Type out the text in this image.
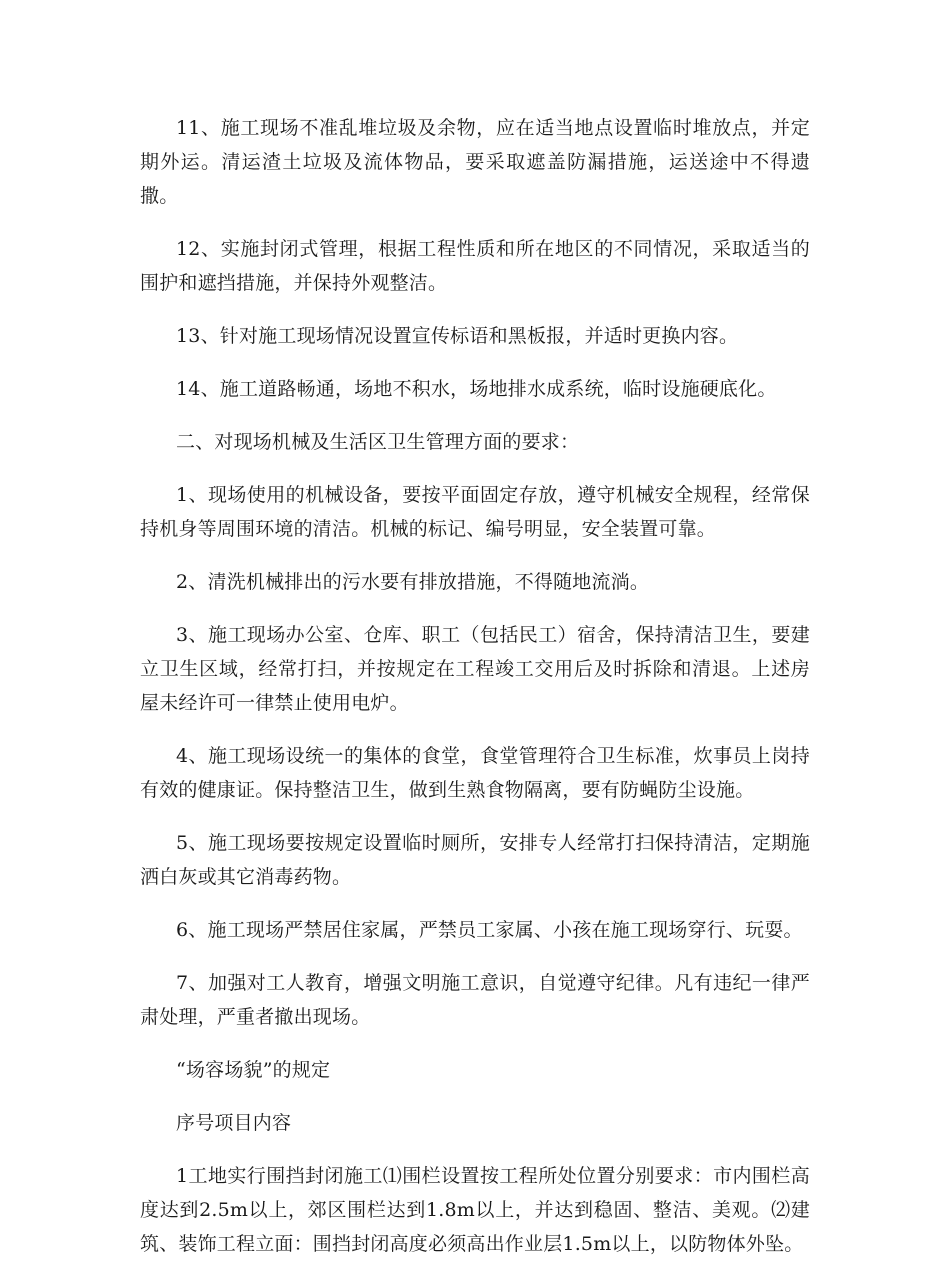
11、施工现场不准乱堆垃圾及余物，应在适当地点设置临时堆放点，并定期外运。清运渣土垃圾及流体物品，要采取遮盖防漏措施，运送途中不得遗撒。

12、实施封闭式管理，根据工程性质和所在地区的不同情况，采取适当的围护和遮挡措施，并保持外观整洁。

13、针对施工现场情况设置宣传标语和黑板报，并适时更换内容。

14、施工道路畅通，场地不积水，场地排水成系统，临时设施硬底化。

二、对现场机械及生活区卫生管理方面的要求：

1、现场使用的机械设备，要按平面固定存放，遵守机械安全规程，经常保持机身等周围环境的清洁。机械的标记、编号明显，安全装置可靠。

2、清洗机械排出的污水要有排放措施，不得随地流淌。

3、施工现场办公室、仓库、职工（包括民工）宿舍，保持清洁卫生，要建立卫生区域，经常打扫，并按规定在工程竣工交用后及时拆除和清退。上述房屋未经许可一律禁止使用电炉。

4、施工现场设统一的集体的食堂，食堂管理符合卫生标准，炊事员上岗持有效的健康证。保持整洁卫生，做到生熟食物隔离，要有防蝇防尘设施。

5、施工现场要按规定设置临时厕所，安排专人经常打扫保持清洁，定期施洒白灰或其它消毒药物。

6、施工现场严禁居住家属，严禁员工家属、小孩在施工现场穿行、玩耍。

7、加强对工人教育，增强文明施工意识，自觉遵守纪律。凡有违纪一律严肃处理，严重者撤出现场。

“场容场貌”的规定

序号项目内容

1工地实行围挡封闭施工⑴围栏设置按工程所处位置分别要求：市内围栏高度达到2.5m以上，郊区围栏达到1.8m以上，并达到稳固、整洁、美观。⑵建筑、装饰工程立面：围挡封闭高度必须高出作业层1.5m以上，以防物体外坠。
